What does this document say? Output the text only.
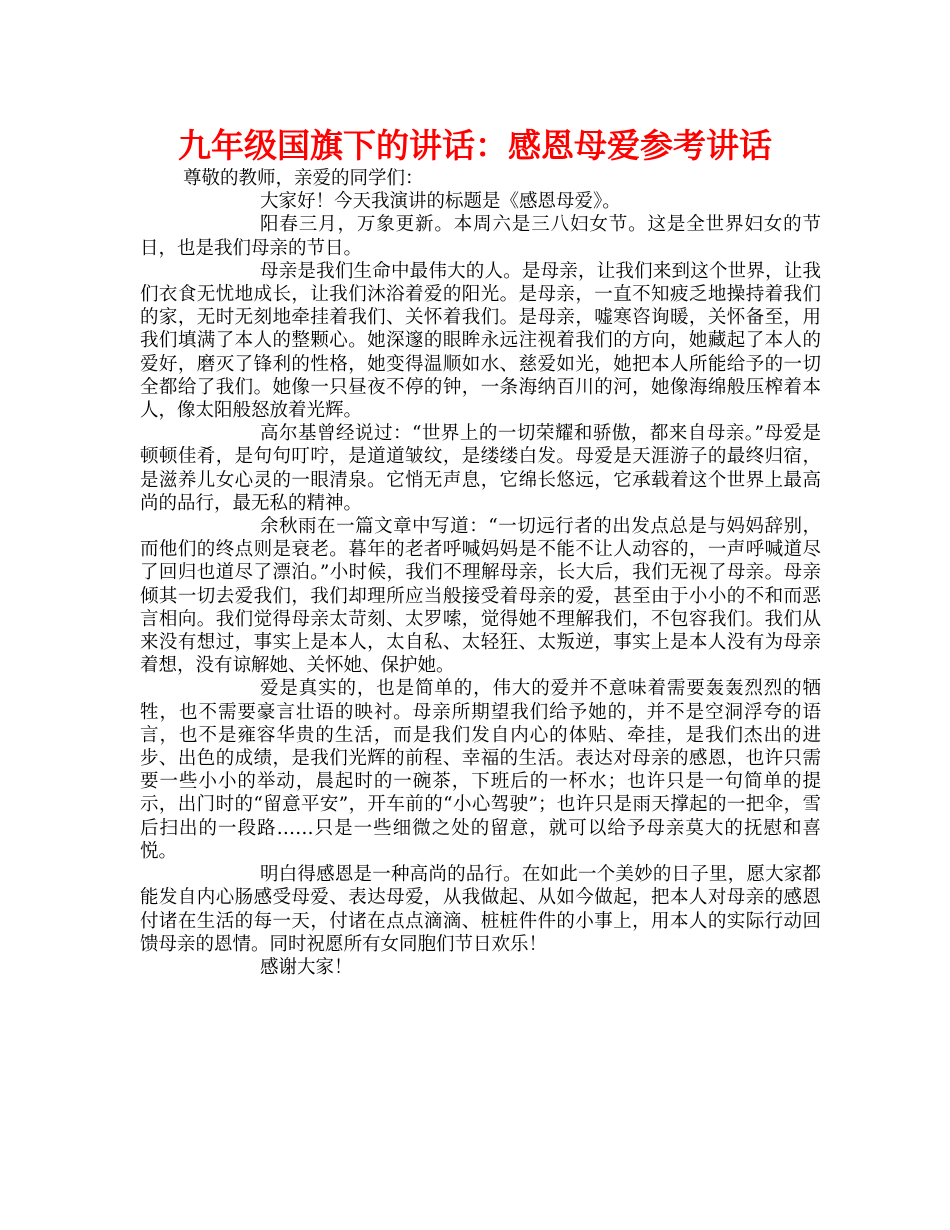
九年级国旗下的讲话：感恩母爱参考讲话

尊敬的教师，亲爱的同学们：

大家好！今天我演讲的标题是《感恩母爱》。

阳春三月，万象更新。本周六是三八妇女节。这是全世界妇女的节日，也是我们母亲的节日。

母亲是我们生命中最伟大的人。是母亲，让我们来到这个世界，让我们衣食无忧地成长，让我们沐浴着爱的阳光。是母亲，一直不知疲乏地操持着我们的家，无时无刻地牵挂着我们、关怀着我们。是母亲，嘘寒咨询暖，关怀备至，用我们填满了本人的整颗心。她深邃的眼眸永远注视着我们的方向，她藏起了本人的爱好，磨灭了锋利的性格，她变得温顺如水、慈爱如光，她把本人所能给予的一切全都给了我们。她像一只昼夜不停的钟，一条海纳百川的河，她像海绵般压榨着本人，像太阳般怒放着光辉。

高尔基曾经说过：“世界上的一切荣耀和骄傲，都来自母亲。”母爱是顿顿佳肴，是句句叮咛，是道道皱纹，是缕缕白发。母爱是天涯游子的最终归宿，是滋养儿女心灵的一眼清泉。它悄无声息，它绵长悠远，它承载着这个世界上最高尚的品行，最无私的精神。

余秋雨在一篇文章中写道：“一切远行者的出发点总是与妈妈辞别，而他们的终点则是衰老。暮年的老者呼喊妈妈是不能不让人动容的，一声呼喊道尽了回归也道尽了漂泊。”小时候，我们不理解母亲，长大后，我们无视了母亲。母亲倾其一切去爱我们，我们却理所应当般接受着母亲的爱，甚至由于小小的不和而恶言相向。我们觉得母亲太苛刻、太罗嗦，觉得她不理解我们，不包容我们。我们从来没有想过，事实上是本人，太自私、太轻狂、太叛逆，事实上是本人没有为母亲着想，没有谅解她、关怀她、保护她。

爱是真实的，也是简单的，伟大的爱并不意味着需要轰轰烈烈的牺牲，也不需要豪言壮语的映衬。母亲所期望我们给予她的，并不是空洞浮夸的语言，也不是雍容华贵的生活，而是我们发自内心的体贴、牵挂，是我们杰出的进步、出色的成绩，是我们光辉的前程、幸福的生活。表达对母亲的感恩，也许只需要一些小小的举动，晨起时的一碗茶，下班后的一杯水；也许只是一句简单的提示，出门时的“留意平安”，开车前的“小心驾驶”；也许只是雨天撑起的一把伞，雪后扫出的一段路……只是一些细微之处的留意，就可以给予母亲莫大的抚慰和喜悦。

明白得感恩是一种高尚的品行。在如此一个美妙的日子里，愿大家都能发自内心肠感受母爱、表达母爱，从我做起、从如今做起，把本人对母亲的感恩付诸在生活的每一天，付诸在点点滴滴、桩桩件件的小事上，用本人的实际行动回馈母亲的恩情。同时祝愿所有女同胞们节日欢乐！

感谢大家！
